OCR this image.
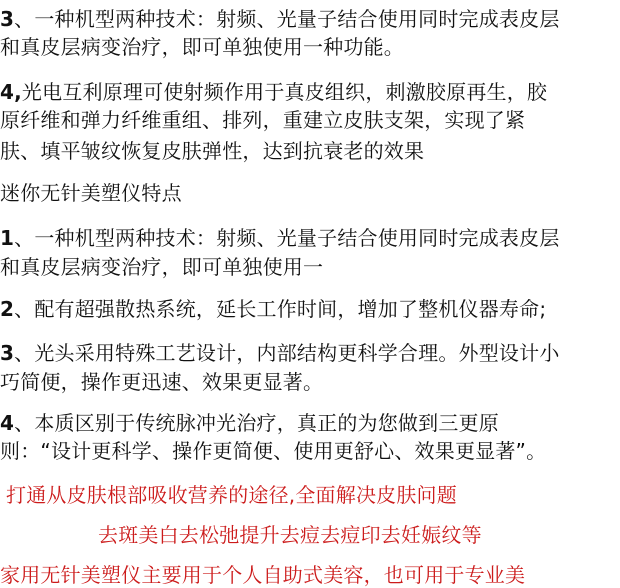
3、一种机型两种技术：射频、光量子结合使用同时完成表皮层
和真皮层病变治疗，即可单独使用一种功能。
4,光电互利原理可使射频作用于真皮组织，刺激胶原再生，胶
原纤维和弹力纤维重组、排列，重建立皮肤支架，实现了紧
肤、填平皱纹恢复皮肤弹性，达到抗衰老的效果
迷你无针美塑仪特点
1、一种机型两种技术：射频、光量子结合使用同时完成表皮层
和真皮层病变治疗，即可单独使用一
2、配有超强散热系统，延长工作时间，增加了整机仪器寿命;
3、光头采用特殊工艺设计，内部结构更科学合理。外型设计小
巧简便，操作更迅速、效果更显著。
4、本质区别于传统脉冲光治疗，真正的为您做到三更原
则：“设计更科学、操作更简便、使用更舒心、效果更显著”。
打通从皮肤根部吸收营养的途径,全面解决皮肤问题
去斑美白去松弛提升去痘去痘印去妊娠纹等
家用无针美塑仪主要用于个人自助式美容，也可用于专业美
